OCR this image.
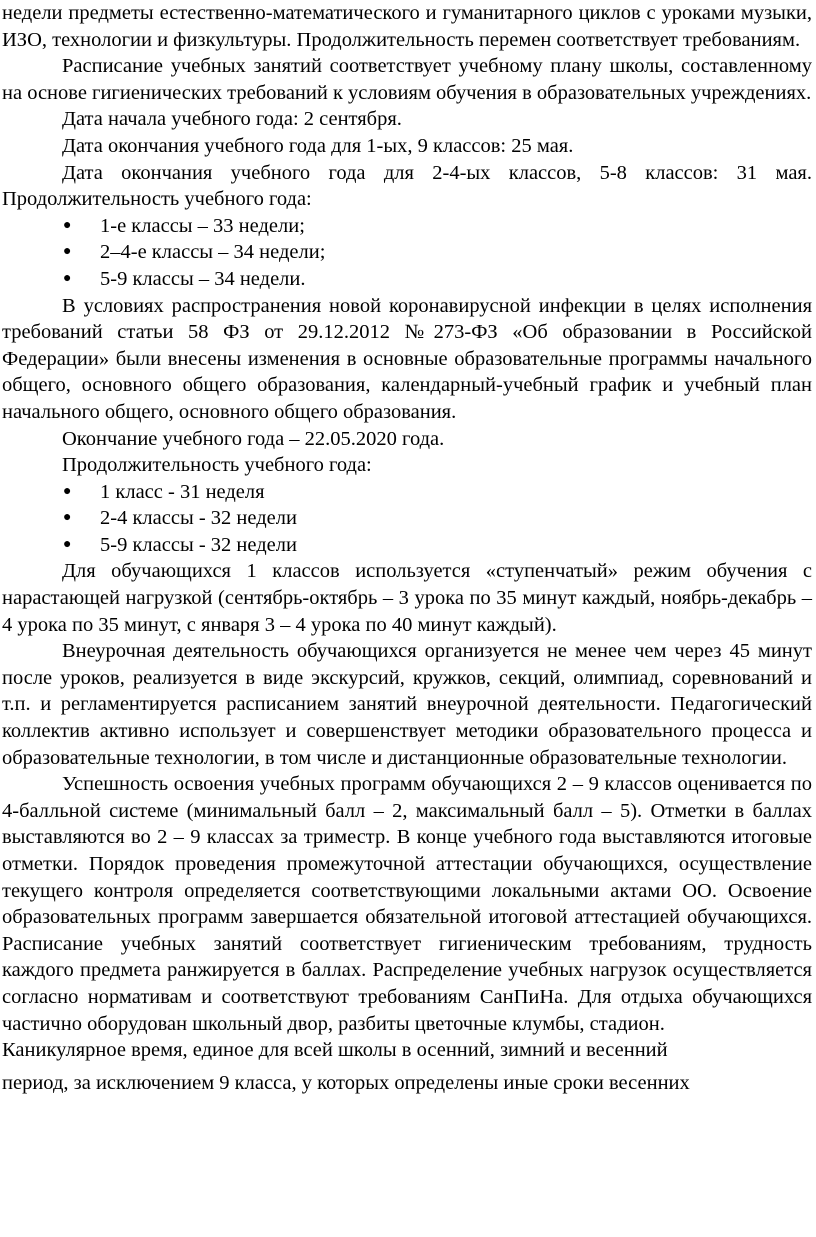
недели предметы естественно-математического и гуманитарного циклов с уроками музыки, ИЗО, технологии и физкультуры. Продолжительность перемен соответствует требованиям.

Расписание учебных занятий соответствует учебному плану школы, составленному на основе гигиенических требований к условиям обучения в образовательных учреждениях.

Дата начала учебного года: 2 сентября.

Дата окончания учебного года для 1-ых, 9 классов: 25 мая.

Дата окончания учебного года для 2-4-ых классов, 5-8 классов: 31 мая. Продолжительность учебного года:

● 1-е классы – 33 недели;
● 2–4-е классы – 34 недели;
● 5-9 классы – 34 недели.

В условиях распространения новой коронавирусной инфекции в целях исполнения требований статьи 58 ФЗ от 29.12.2012 №273-ФЗ «Об образовании в Российской Федерации» были внесены изменения в основные образовательные программы начального общего, основного общего образования, календарный-учебный график и учебный план начального общего, основного общего образования.

Окончание учебного года – 22.05.2020 года.

Продолжительность учебного года:

● 1 класс - 31 неделя
● 2-4 классы - 32 недели
● 5-9 классы - 32 недели

Для обучающихся 1 классов используется «ступенчатый» режим обучения с нарастающей нагрузкой (сентябрь-октябрь – 3 урока по 35 минут каждый, ноябрь-декабрь – 4 урока по 35 минут, с января 3 – 4 урока по 40 минут каждый).

Внеурочная деятельность обучающихся организуется не менее чем через 45 минут после уроков, реализуется в виде экскурсий, кружков, секций, олимпиад, соревнований и т.п. и регламентируется расписанием занятий внеурочной деятельности. Педагогический коллектив активно использует и совершенствует методики образовательного процесса и образовательные технологии, в том числе и дистанционные образовательные технологии.

Успешность освоения учебных программ обучающихся 2 – 9 классов оценивается по 4-балльной системе (минимальный балл – 2, максимальный балл – 5). Отметки в баллах выставляются во 2 – 9 классах за триместр. В конце учебного года выставляются итоговые отметки. Порядок проведения промежуточной аттестации обучающихся, осуществление текущего контроля определяется соответствующими локальными актами ОО. Освоение образовательных программ завершается обязательной итоговой аттестацией обучающихся. Расписание учебных занятий соответствует гигиеническим требованиям, трудность каждого предмета ранжируется в баллах. Распределение учебных нагрузок осуществляется согласно нормативам и соответствуют требованиям СанПиНа. Для отдыха обучающихся частично оборудован школьный двор, разбиты цветочные клумбы, стадион.

Каникулярное время, единое для всей школы в осенний, зимний и весенний

период, за исключением 9 класса, у которых определены иные сроки весенних
